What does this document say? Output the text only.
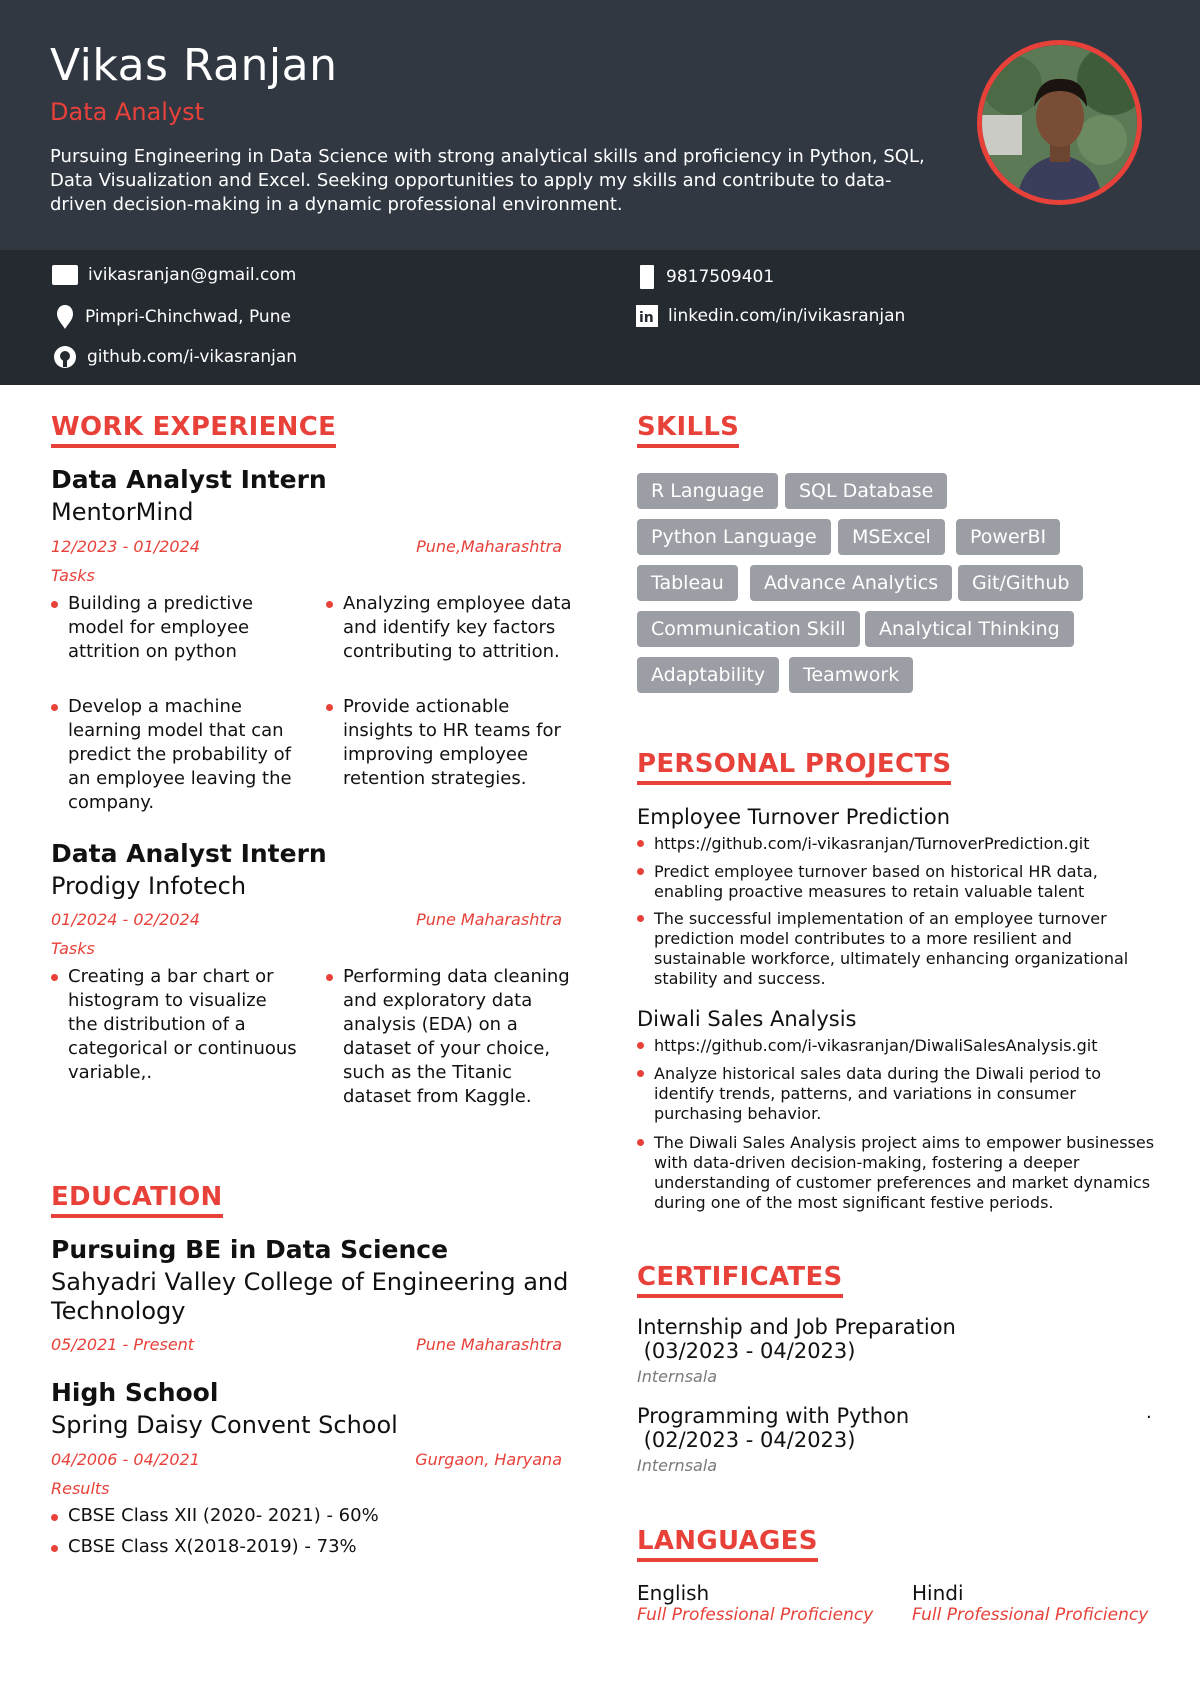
Vikas Ranjan
Data Analyst
Pursuing Engineering in Data Science with strong analytical skills and proficiency in Python, SQL, Data Visualization and Excel. Seeking opportunities to apply my skills and contribute to data-driven decision-making in a dynamic professional environment.
ivikasranjan@gmail.com	9817509401
Pimpri-Chinchwad, Pune	in linkedin.com/in/ivikasranjan
github.com/i-vikasranjan
WORK EXPERIENCE
Data Analyst Intern
MentorMind
12/2023 - 01/2024	Pune,Maharashtra
Tasks
Building a predictive model for employee attrition on python
Analyzing employee data and identify key factors contributing to attrition.
Develop a machine learning model that can predict the probability of an employee leaving the company.
Provide actionable insights to HR teams for improving employee retention strategies.
Data Analyst Intern
Prodigy Infotech
01/2024 - 02/2024	Pune Maharashtra
Tasks
Creating a bar chart or histogram to visualize the distribution of a categorical or continuous variable,.
Performing data cleaning and exploratory data analysis (EDA) on a dataset of your choice, such as the Titanic dataset from Kaggle.
EDUCATION
Pursuing BE in Data Science
Sahyadri Valley College of Engineering and Technology
05/2021 - Present	Pune Maharashtra
High School
Spring Daisy Convent School
04/2006 - 04/2021	Gurgaon, Haryana
Results
CBSE Class XII (2020- 2021) - 60%
CBSE Class X(2018-2019) - 73%
SKILLS
R Language	SQL Database
Python Language	MSExcel	PowerBI
Tableau	Advance Analytics	Git/Github
Communication Skill	Analytical Thinking
Adaptability	Teamwork
PERSONAL PROJECTS
Employee Turnover Prediction
https://github.com/i-vikasranjan/TurnoverPrediction.git
Predict employee turnover based on historical HR data, enabling proactive measures to retain valuable talent
The successful implementation of an employee turnover prediction model contributes to a more resilient and sustainable workforce, ultimately enhancing organizational stability and success.
Diwali Sales Analysis
https://github.com/i-vikasranjan/DiwaliSalesAnalysis.git
Analyze historical sales data during the Diwali period to identify trends, patterns, and variations in consumer purchasing behavior.
The Diwali Sales Analysis project aims to empower businesses with data-driven decision-making, fostering a deeper understanding of customer preferences and market dynamics during one of the most significant festive periods.
CERTIFICATES
Internship and Job Preparation
(03/2023 - 04/2023)
Internsala
Programming with Python
(02/2023 - 04/2023)
Internsala
.
LANGUAGES
English
Full Professional Proficiency
Hindi
Full Professional Proficiency
